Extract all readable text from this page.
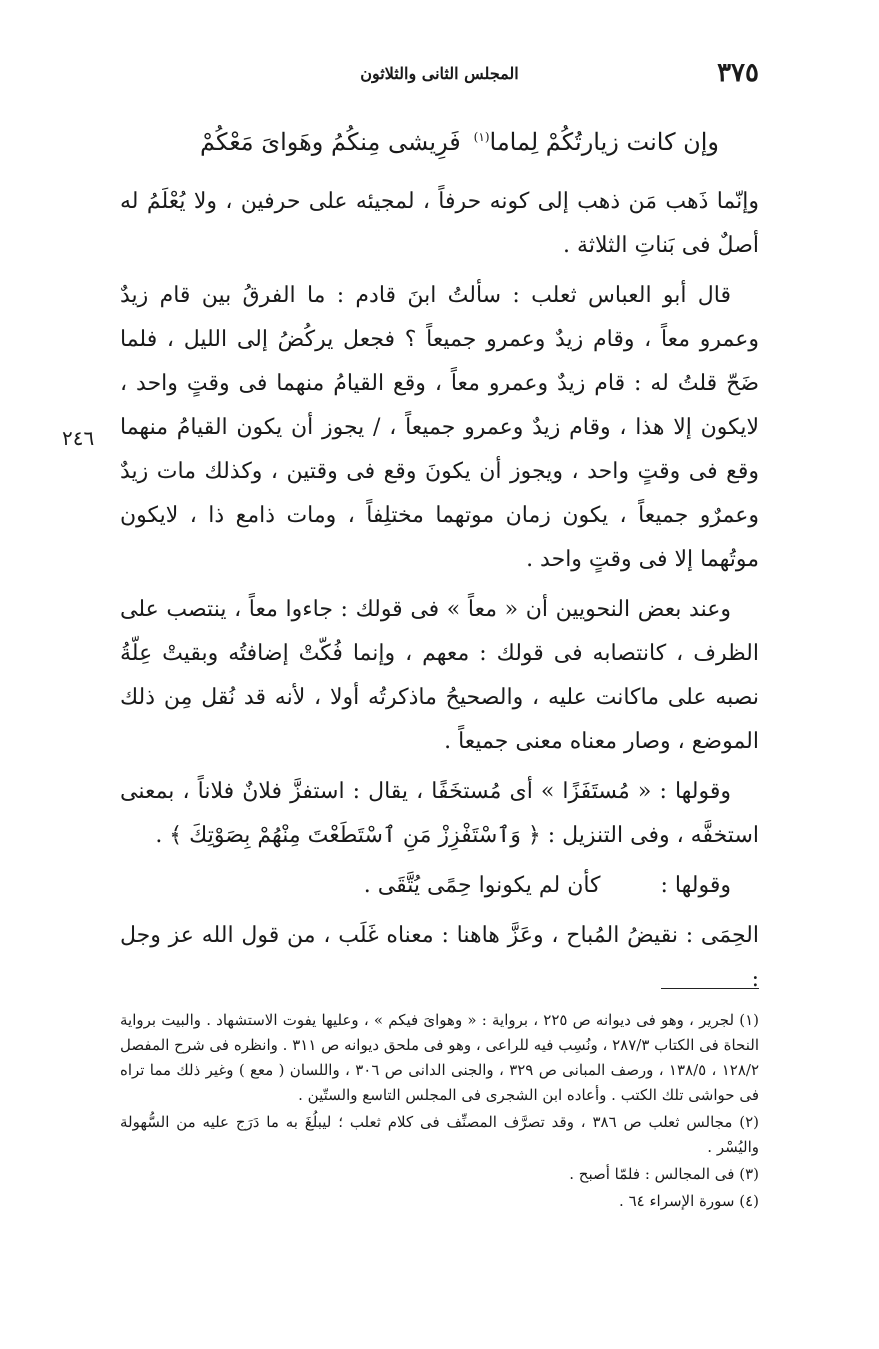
٣٧٥
المجلس الثانى والثلاثون
وإن كانت زيارتُكُمْ لِماما$^{(١)}$
فَرِيشى مِنكُمُ وهَواىَ مَعْكُمْ
٢٤٦

وإنّما ذَهب مَن ذهب إلى كونه حرفاً ، لمجيئه على حرفين ، ولا يُعْلَمُ له أصلٌ فى بَناتِ الثلاثة .

قال أبو العباس ثعلب : سألتُ ابنَ قادم : ما الفرقُ بين قام زيدٌ وعمرو معاً ، وقام زيدٌ وعمرو جميعاً ؟ فجعل يركُضُ إلى الليل ، فلما ضَحّ قلتُ له : قام زيدٌ وعمرو معاً ، وقع القيامُ منهما فى وقتٍ واحد ، لايكون إلا هذا ، وقام زيدٌ وعمرو جميعاً ، / يجوز أن يكون القيامُ منهما وقع فى وقتٍ واحد ، ويجوز أن يكونَ وقع فى وقتين ، وكذلك مات زيدٌ وعمرٌو جميعاً ، يكون زمان موتهما مختلِفاً ، ومات ذامع ذا ، لايكون موتُهما إلا فى وقتٍ واحد .

وعند بعض النحويين أن « معاً » فى قولك : جاءوا معاً ، ينتصب على الظرف ، كانتصابه فى قولك : معهم ، وإنما فُكّتْ إضافتُه وبقيتْ عِلّةُ نصبه على ماكانت عليه ، والصحيحُ ماذكرتُه أولا ، لأنه قد نُقل مِن ذلك الموضع ، وصار معناه معنى جميعاً .

وقولها : « مُستَفَزًا » أى مُستخَفًا ، يقال : استفزَّ فلانٌ فلاناً ، بمعنى استخفَّه ، وفى التنزيل : ﴿ وَٱسْتَفْزِزْ مَنِ ٱسْتَطَعْتَ مِنْهُمْ بِصَوْتِكَ ﴾ .

وقولها :كأن لم يكونوا حِمًى يُتَّقَى .

الحِمَى : نقيضُ المُباح ، وعَزَّ هاهنا : معناه غَلَب ، من قول الله عز وجل :

(١) لجرير ، وهو فى ديوانه ص ٢٢٥ ، برواية : « وهواىَ فيكم » ، وعليها يفوت الاستشهاد . والبيت برواية النحاة فى الكتاب ٢٨٧/٣ ، ونُسِب فيه للراعى ، وهو فى ملحق ديوانه ص ٣١١ . وانظره فى شرح المفصل ١٢٨/٢ ، ١٣٨/٥ ، ورصف المبانى ص ٣٢٩ ، والجنى الدانى ص ٣٠٦ ، واللسان ( معع ) وغير ذلك مما تراه فى حواشى تلك الكتب . وأعاده ابن الشجرى فى المجلس التاسع والستّين .

(٢) مجالس ثعلب ص ٣٨٦ ، وقد تصرَّف المصنِّف فى كلام ثعلب ؛ ليبلُغَ به ما دَرَج عليه من السُّهولة واليُسْر .

(٣) فى المجالس : فلمّا أصبح .

(٤) سورة الإسراء ٦٤ .
